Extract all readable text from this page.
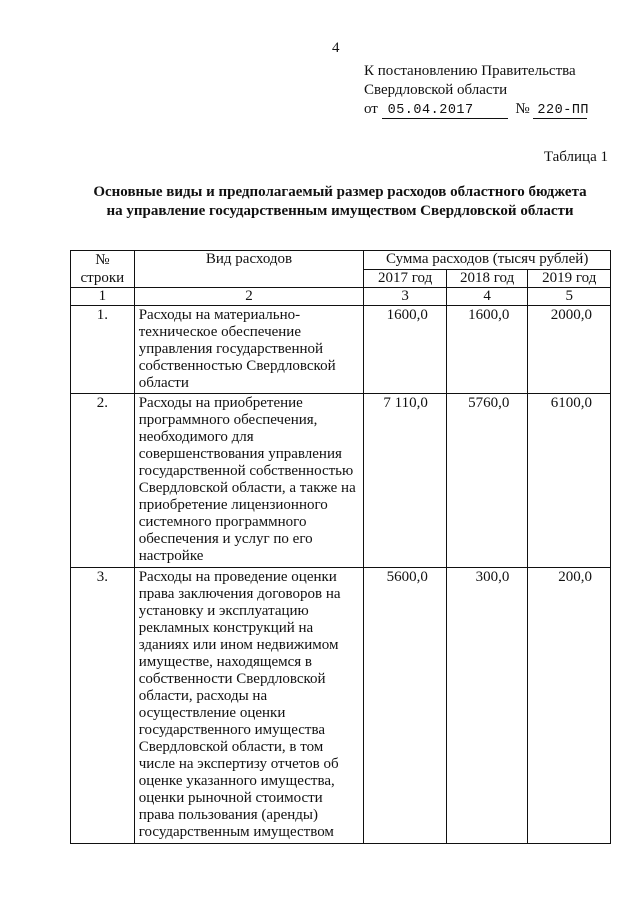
4
К постановлению Правительства
Свердловской области
от 05.04.2017	№ 220-ПП
Таблица 1
Основные виды и предполагаемый размер расходов областного бюджета
на управление государственным имуществом Свердловской области
№ строки	Вид расходов	Сумма расходов (тысяч рублей)		
		2017 год	2018 год	2019 год
1	2	3	4	5
1.	Расходы на материально-техническое обеспечение управления государственной собственностью Свердловской области	1600,0	1600,0	2000,0
2.	Расходы на приобретение программного обеспечения, необходимого для совершенствования управления государственной собственностью Свердловской области, а также на приобретение лицензионного системного программного обеспечения и услуг по его настройке	7 110,0	5760,0	6100,0
3.	Расходы на проведение оценки права заключения договоров на установку и эксплуатацию рекламных конструкций на зданиях или ином недвижимом имуществе, находящемся в собственности Свердловской области, расходы на осуществление оценки государственного имущества Свердловской области, в том числе на экспертизу отчетов об оценке указанного имущества, оценки рыночной стоимости права пользования (аренды) государственным имуществом	5600,0	300,0	200,0
